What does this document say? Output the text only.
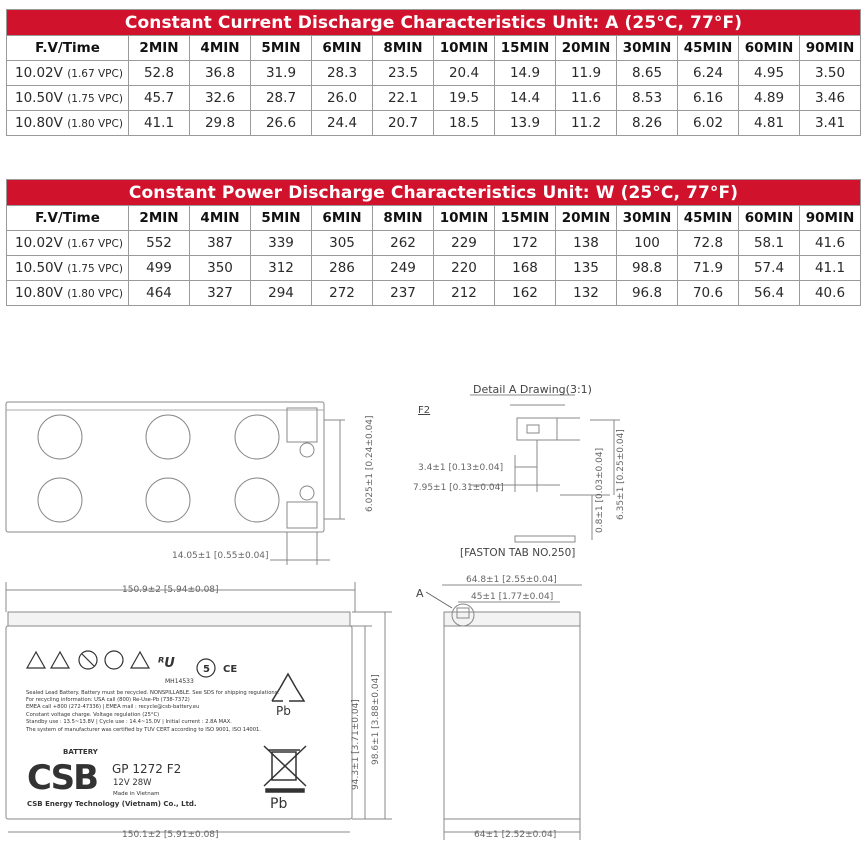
Constant Current Discharge Characteristics Unit: A (25°C, 77°F)												
F.V/Time	2MIN	4MIN	5MIN	6MIN	8MIN	10MIN	15MIN	20MIN	30MIN	45MIN	60MIN	90MIN
10.02V (1.67 VPC)	52.8	36.8	31.9	28.3	23.5	20.4	14.9	11.9	8.65	6.24	4.95	3.50
10.50V (1.75 VPC)	45.7	32.6	28.7	26.0	22.1	19.5	14.4	11.6	8.53	6.16	4.89	3.46
10.80V (1.80 VPC)	41.1	29.8	26.6	24.4	20.7	18.5	13.9	11.2	8.26	6.02	4.81	3.41
Constant Power Discharge Characteristics Unit: W (25°C, 77°F)												
F.V/Time	2MIN	4MIN	5MIN	6MIN	8MIN	10MIN	15MIN	20MIN	30MIN	45MIN	60MIN	90MIN
10.02V (1.67 VPC)	552	387	339	305	262	229	172	138	100	72.8	58.1	41.6
10.50V (1.75 VPC)	499	350	312	286	249	220	168	135	98.8	71.9	57.4	41.1
10.80V (1.80 VPC)	464	327	294	272	237	212	162	132	96.8	70.6	56.4	40.6
6.025±1 [0.24±0.04]
14.05±1 [0.55±0.04]
3.4±1 [0.13±0.04]
7.95±1 [0.31±0.04]	0.8±1 [0.03±0.04] 6.35±1 [0.25±0.04]
150.9±2 [5.94±0.08]
150.1±2 [5.91±0.08]
94.3±1 [3.71±0.04] 98.6±1 [3.88±0.04]
64.8±1 [2.55±0.04]
45±1 [1.77±0.04]
64±1 [2.52±0.04]
Detail A Drawing(3:1)
F2
[FASTON TAB NO.250]
A
ᴿU	5 CE
MH14533
Sealed Lead Battery. Battery must be recycled. NONSPILLABLE. See SDS for shipping regulations.
For recycling information: USA call (800) Re-Use-Pb (738-7372)
EMEA call +800 (272-47336) | EMEA mail : recycle@csb-battery.eu
Constant voltage charge. Voltage regulation (25°C)
Standby use : 13.5~13.8V | Cycle use : 14.4~15.0V | Initial current : 2.8A MAX.
The system of manufacturer was certified by TUV CERT according to ISO 9001, ISO 14001.
Pb
BATTERY
CSB GP 1272 F2
12V 28W
Made in Vietnam
CSB Energy Technology (Vietnam) Co., Ltd.	Pb
